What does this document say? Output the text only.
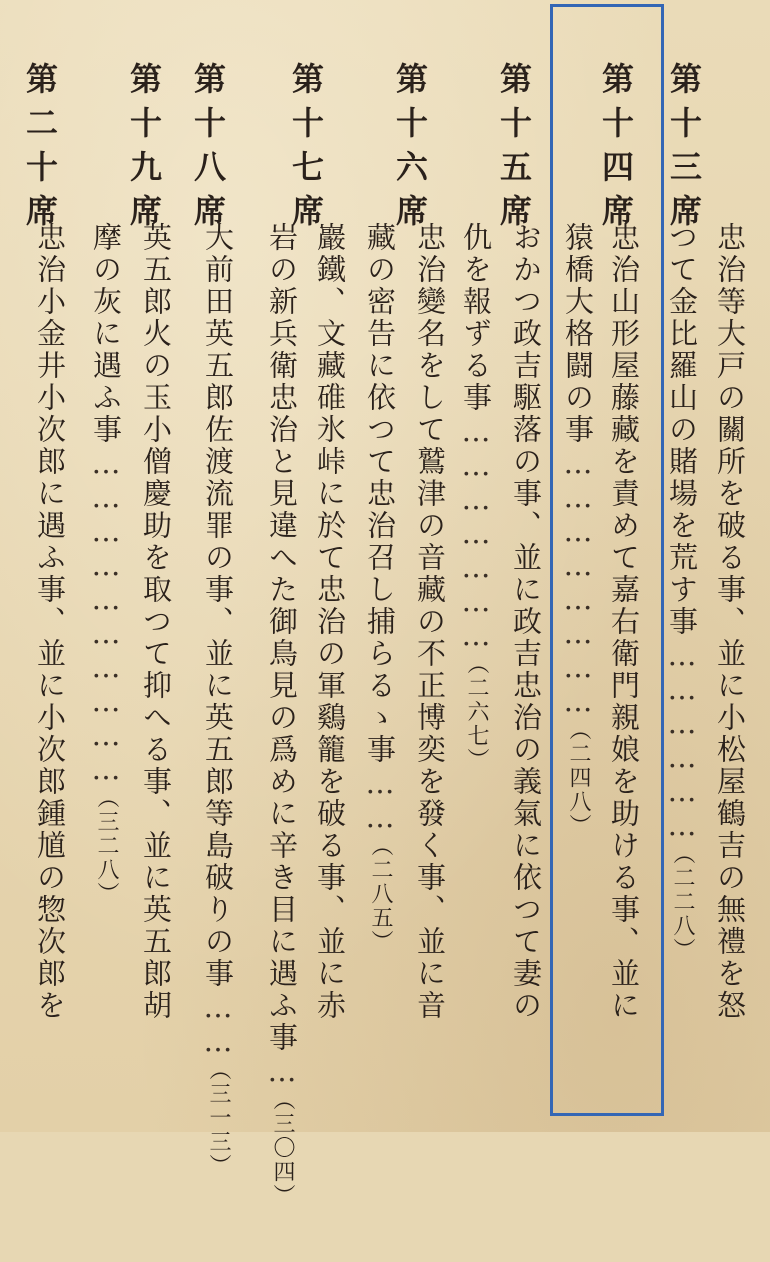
第十三席
忠治等大戸の關所を破る事、並に小松屋鶴吉の無禮を怒
つて金比羅山の賭場を荒す事………………（二二八）
第十四席
忠治山形屋藤藏を責めて嘉右衛門親娘を助ける事、並に
猿橋大格闘の事……………………（二四八）
第十五席
おかつ政吉駆落の事、並に政吉忠治の義氣に依つて妻の
仇を報ずる事…………………（二六七）
第十六席
忠治變名をして鷲津の音藏の不正博奕を發く事、並に音
藏の密告に依つて忠治召し捕らるゝ事……（二八五）
第十七席
巖鐵、文藏碓氷峠に於て忠治の軍鷄籠を破る事、並に赤
岩の新兵衛忠治と見違へた御鳥見の爲めに辛き目に遇ふ事…（三〇四）
第十八席
大前田英五郎佐渡流罪の事、並に英五郎等島破りの事……（三一三）
第十九席
英五郎火の玉小僧慶助を取つて抑へる事、並に英五郎胡
摩の灰に遇ふ事…………………………（三二八）
第二十席
忠治小金井小次郎に遇ふ事、並に小次郎鍾馗の惣次郎を
